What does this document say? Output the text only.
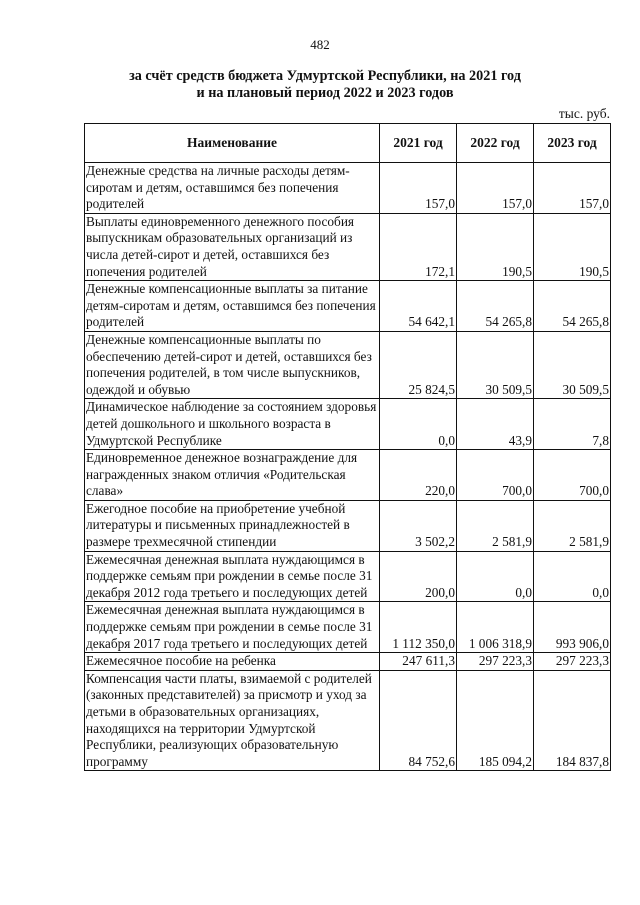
482
за счёт средств бюджета Удмуртской Республики, на 2021 год
и на плановый период 2022 и 2023 годов
тыс. руб.
Наименование	2021 год	2022 год	2023 год
Денежные средства на личные расходы детям-сиротам и детям, оставшимся без попечения родителей	157,0	157,0	157,0
Выплаты единовременного денежного пособия выпускникам образовательных организаций из числа детей-сирот и детей, оставшихся без попечения родителей	172,1	190,5	190,5
Денежные компенсационные выплаты за питание детям-сиротам и детям, оставшимся без попечения родителей	54 642,1	54 265,8	54 265,8
Денежные компенсационные выплаты по обеспечению детей-сирот и детей, оставшихся без попечения родителей, в том числе выпускников, одеждой и обувью	25 824,5	30 509,5	30 509,5
Динамическое наблюдение за состоянием здоровья детей дошкольного и школьного возраста в Удмуртской Республике	0,0	43,9	7,8
Единовременное денежное вознаграждение для награжденных знаком отличия «Родительская слава»	220,0	700,0	700,0
Ежегодное пособие на приобретение учебной литературы и письменных принадлежностей в размере трехмесячной стипендии	3 502,2	2 581,9	2 581,9
Ежемесячная денежная выплата нуждающимся в поддержке семьям при рождении в семье после 31 декабря 2012 года третьего и последующих детей	200,0	0,0	0,0
Ежемесячная денежная выплата нуждающимся в поддержке семьям при рождении в семье после 31 декабря 2017 года третьего и последующих детей	1 112 350,0	1 006 318,9	993 906,0
Ежемесячное пособие на ребенка	247 611,3	297 223,3	297 223,3
Компенсация части платы, взимаемой с родителей (законных представителей) за присмотр и уход за детьми в образовательных организациях, находящихся на территории Удмуртской Республики, реализующих образовательную программу	84 752,6	185 094,2	184 837,8
